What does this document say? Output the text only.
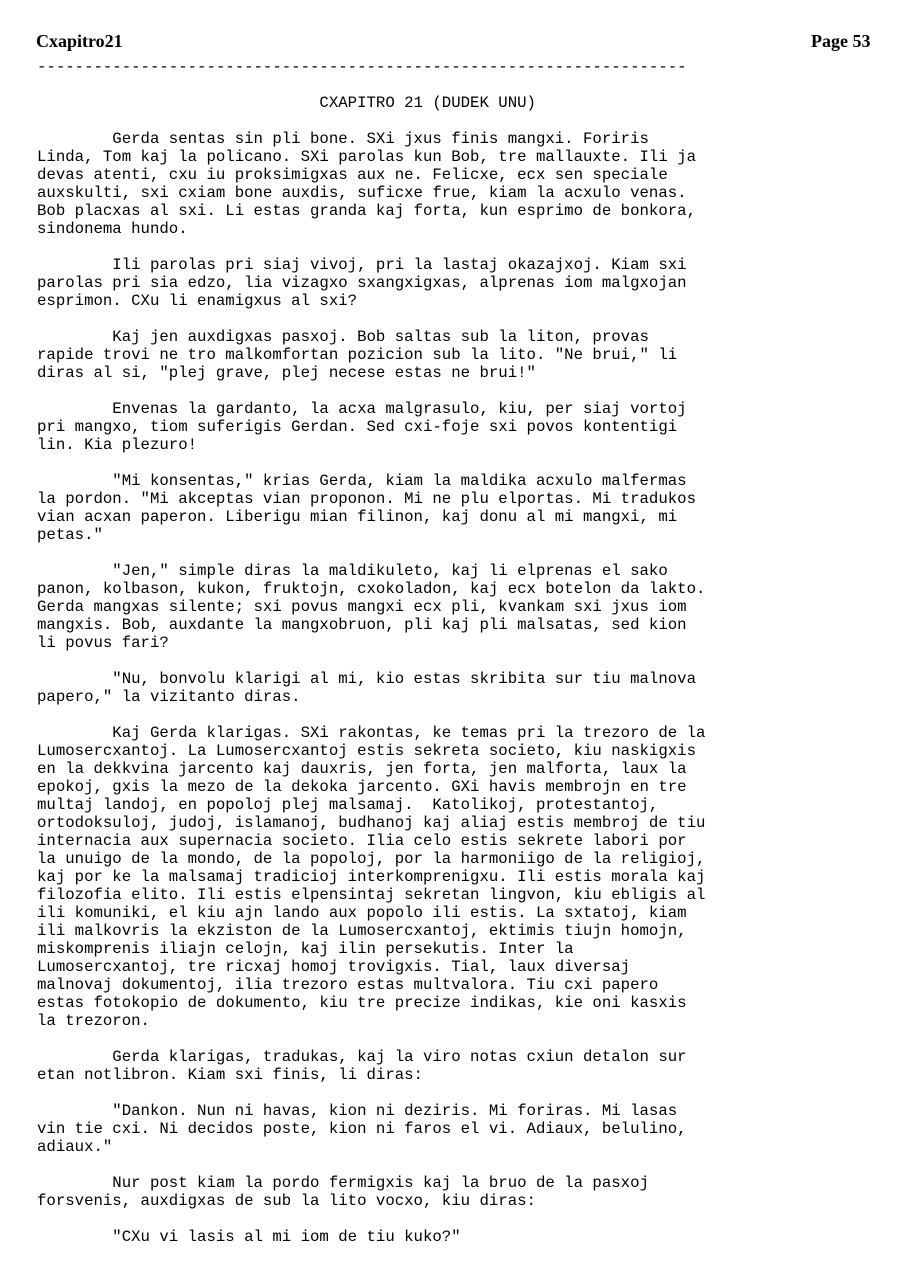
Cxapitro21	Page 53
---------------------------------------------------------------------
CXAPITRO 21 (DUDEK UNU)
Gerda sentas sin pli bone. SXi jxus finis mangxi. Foriris
Linda, Tom kaj la policano. SXi parolas kun Bob, tre mallauxte. Ili ja
devas atenti, cxu iu proksimigxas aux ne. Felicxe, ecx sen speciale
auxskulti, sxi cxiam bone auxdis, suficxe frue, kiam la acxulo venas.
Bob placxas al sxi. Li estas granda kaj forta, kun esprimo de bonkora,
sindonema hundo.
Ili parolas pri siaj vivoj, pri la lastaj okazajxoj. Kiam sxi
parolas pri sia edzo, lia vizagxo sxangxigxas, alprenas iom malgxojan
esprimon. CXu li enamigxus al sxi?
Kaj jen auxdigxas pasxoj. Bob saltas sub la liton, provas
rapide trovi ne tro malkomfortan pozicion sub la lito. "Ne brui," li
diras al si, "plej grave, plej necese estas ne brui!"
Envenas la gardanto, la acxa malgrasulo, kiu, per siaj vortoj
pri mangxo, tiom suferigis Gerdan. Sed cxi-foje sxi povos kontentigi
lin. Kia plezuro!
"Mi konsentas," krias Gerda, kiam la maldika acxulo malfermas
la pordon. "Mi akceptas vian proponon. Mi ne plu elportas. Mi tradukos
vian acxan paperon. Liberigu mian filinon, kaj donu al mi mangxi, mi
petas."
"Jen," simple diras la maldikuleto, kaj li elprenas el sako
panon, kolbason, kukon, fruktojn, cxokoladon, kaj ecx botelon da lakto.
Gerda mangxas silente; sxi povus mangxi ecx pli, kvankam sxi jxus iom
mangxis. Bob, auxdante la mangxobruon, pli kaj pli malsatas, sed kion
li povus fari?
"Nu, bonvolu klarigi al mi, kio estas skribita sur tiu malnova
papero," la vizitanto diras.
Kaj Gerda klarigas. SXi rakontas, ke temas pri la trezoro de la
Lumosercxantoj. La Lumosercxantoj estis sekreta societo, kiu naskigxis
en la dekkvina jarcento kaj dauxris, jen forta, jen malforta, laux la
epokoj, gxis la mezo de la dekoka jarcento. GXi havis membrojn en tre
multaj landoj, en popoloj plej malsamaj.  Katolikoj, protestantoj,
ortodoksuloj, judoj, islamanoj, budhanoj kaj aliaj estis membroj de tiu
internacia aux supernacia societo. Ilia celo estis sekrete labori por
la unuigo de la mondo, de la popoloj, por la harmoniigo de la religioj,
kaj por ke la malsamaj tradicioj interkomprenigxu. Ili estis morala kaj
filozofia elito. Ili estis elpensintaj sekretan lingvon, kiu ebligis al
ili komuniki, el kiu ajn lando aux popolo ili estis. La sxtatoj, kiam
ili malkovris la ekziston de la Lumosercxantoj, ektimis tiujn homojn,
miskomprenis iliajn celojn, kaj ilin persekutis. Inter la
Lumosercxantoj, tre ricxaj homoj trovigxis. Tial, laux diversaj
malnovaj dokumentoj, ilia trezoro estas multvalora. Tiu cxi papero
estas fotokopio de dokumento, kiu tre precize indikas, kie oni kasxis
la trezoron.
Gerda klarigas, tradukas, kaj la viro notas cxiun detalon sur
etan notlibron. Kiam sxi finis, li diras:
"Dankon. Nun ni havas, kion ni deziris. Mi foriras. Mi lasas
vin tie cxi. Ni decidos poste, kion ni faros el vi. Adiaux, belulino,
adiaux."
Nur post kiam la pordo fermigxis kaj la bruo de la pasxoj
forsvenis, auxdigxas de sub la lito vocxo, kiu diras:
"CXu vi lasis al mi iom de tiu kuko?"
